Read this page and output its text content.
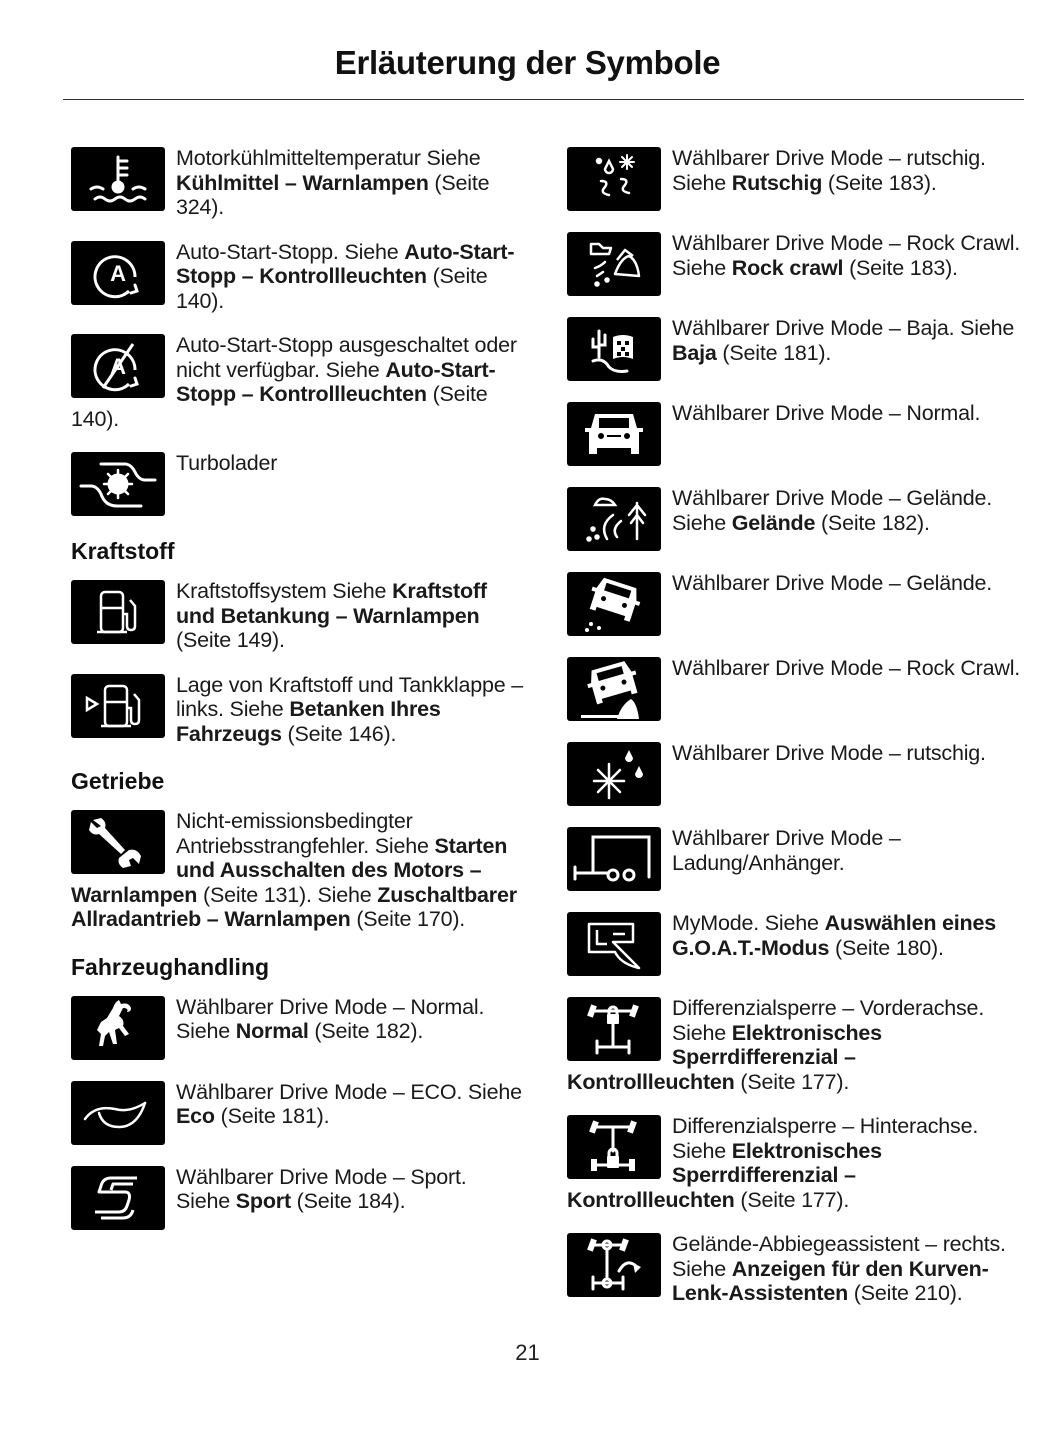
Erläuterung der Symbole
Motorkühlmitteltemperatur Siehe Kühlmittel – Warnlampen (Seite 324).
A
Auto-Start-Stopp. Siehe Auto-Start-Stopp – Kontrollleuchten (Seite 140).
A
Auto-Start-Stopp ausgeschaltet oder nicht verfügbar. Siehe Auto-Start-Stopp – Kontrollleuchten (Seite 140).
Turbolader
Kraftstoff
Kraftstoffsystem Siehe Kraftstoff und Betankung – Warnlampen (Seite 149).
Lage von Kraftstoff und Tankklappe – links. Siehe Betanken Ihres Fahrzeugs (Seite 146).
Getriebe
Nicht-emissionsbedingter Antriebsstrangfehler. Siehe Starten und Ausschalten des Motors – Warnlampen (Seite 131). Siehe Zuschaltbarer Allradantrieb – Warnlampen (Seite 170).
Fahrzeughandling
Wählbarer Drive Mode – Normal. Siehe Normal (Seite 182).
Wählbarer Drive Mode – ECO. Siehe Eco (Seite 181).
Wählbarer Drive Mode – Sport. Siehe Sport (Seite 184).
Wählbarer Drive Mode – rutschig. Siehe Rutschig (Seite 183).
Wählbarer Drive Mode – Rock Crawl. Siehe Rock crawl (Seite 183).
Wählbarer Drive Mode – Baja. Siehe Baja (Seite 181).
Wählbarer Drive Mode – Normal.
Wählbarer Drive Mode – Gelände. Siehe Gelände (Seite 182).
Wählbarer Drive Mode – Gelände.
Wählbarer Drive Mode – Rock Crawl.
Wählbarer Drive Mode – rutschig.
Wählbarer Drive Mode – Ladung/Anhänger.
MyMode. Siehe Auswählen eines G.O.A.T.-Modus (Seite 180).
Differenzialsperre – Vorderachse. Siehe Elektronisches Sperrdifferenzial – Kontrollleuchten (Seite 177).
Differenzialsperre – Hinterachse. Siehe Elektronisches Sperrdifferenzial – Kontrollleuchten (Seite 177).
Gelände-Abbiegeassistent – rechts. Siehe Anzeigen für den Kurven-Lenk-Assistenten (Seite 210).
21
